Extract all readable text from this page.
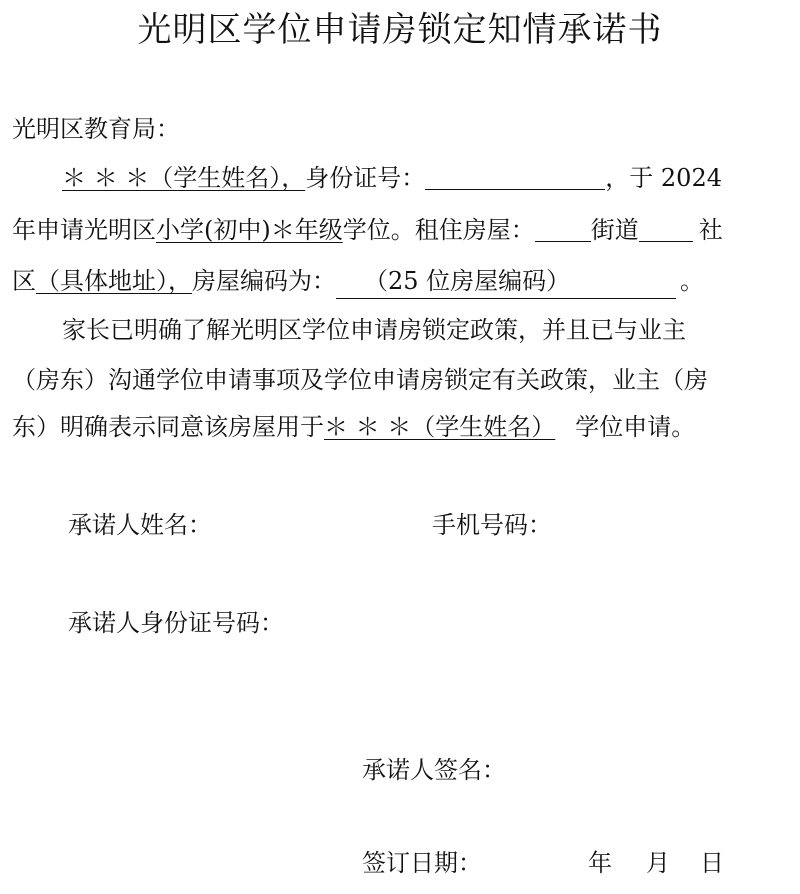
光明区学位申请房锁定知情承诺书
光明区教育局：
＊ ＊ ＊（学生姓名），身份证号：	，于 2024
年申请光明区小学(初中)＊年级学位。租住房屋： 街道	社
区（具体地址），房屋编码为： （25 位房屋编码）	。
家长已明确了解光明区学位申请房锁定政策，并且已与业主
（房东）沟通学位申请事项及学位申请房锁定有关政策，业主（房
东）明确表示同意该房屋用于＊ ＊ ＊（学生姓名） 学位申请。
承诺人姓名：	手机号码：
承诺人身份证号码：
承诺人签名：
签订日期：	年 月 日
